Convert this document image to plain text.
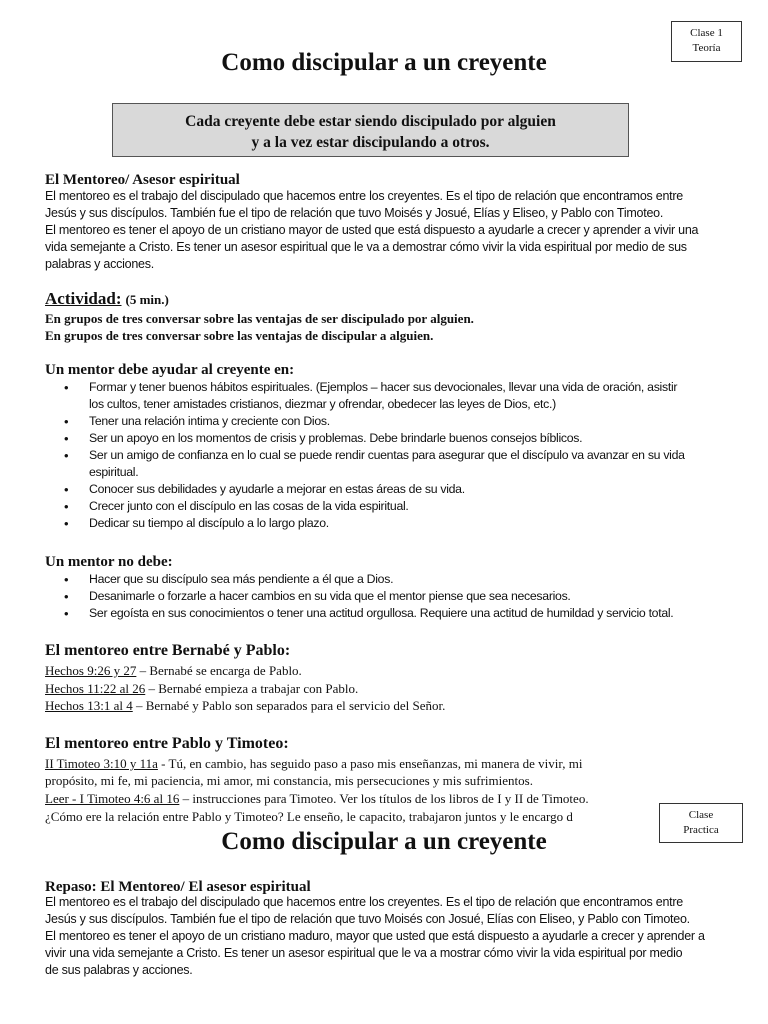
Clase 1
Teoría
Como discipular a un creyente
Cada creyente debe estar siendo discipulado por alguien
y a la vez estar discipulando a otros.
El Mentoreo/ Asesor espiritual
El mentoreo es el trabajo del discipulado que hacemos entre los creyentes. Es el tipo de relación que encontramos entre
Jesús y sus discípulos. También fue el tipo de relación que tuvo Moisés y Josué, Elías y Eliseo, y Pablo con Timoteo.
El mentoreo es tener el apoyo de un cristiano mayor de usted que está dispuesto a ayudarle a crecer y aprender a vivir una
vida semejante a Cristo. Es tener un asesor espiritual que le va a demostrar cómo vivir la vida espiritual por medio de sus
palabras y acciones.
Actividad: (5 min.)
En grupos de tres conversar sobre las ventajas de ser discipulado por alguien.
En grupos de tres conversar sobre las ventajas de discipular a alguien.
Un mentor debe ayudar al creyente en:
• Formar y tener buenos hábitos espirituales. (Ejemplos – hacer sus devocionales, llevar una vida de oración, asistir
los cultos, tener amistades cristianos, diezmar y ofrendar, obedecer las leyes de Dios, etc.)
• Tener una relación intima y creciente con Dios.
• Ser un apoyo en los momentos de crisis y problemas. Debe brindarle buenos consejos bíblicos.
• Ser un amigo de confianza en lo cual se puede rendir cuentas para asegurar que el discípulo va avanzar en su vida
espiritual.
• Conocer sus debilidades y ayudarle a mejorar en estas áreas de su vida.
• Crecer junto con el discípulo en las cosas de la vida espiritual.
• Dedicar su tiempo al discípulo a lo largo plazo.
Un mentor no debe:
• Hacer que su discípulo sea más pendiente a él que a Dios.
• Desanimarle o forzarle a hacer cambios en su vida que el mentor piense que sea necesarios.
• Ser egoísta en sus conocimientos o tener una actitud orgullosa. Requiere una actitud de humildad y servicio total.
El mentoreo entre Bernabé y Pablo:
Hechos 9:26 y 27 – Bernabé se encarga de Pablo.
Hechos 11:22 al 26 – Bernabé empieza a trabajar con Pablo.
Hechos 13:1 al 4 – Bernabé y Pablo son separados para el servicio del Señor.
El mentoreo entre Pablo y Timoteo:
II Timoteo 3:10 y 11a - Tú, en cambio, has seguido paso a paso mis enseñanzas, mi manera de vivir, mi
propósito, mi fe, mi paciencia, mi amor, mi constancia, mis persecuciones y mis sufrimientos.
Leer - I Timoteo 4:6 al 16 – instrucciones para Timoteo. Ver los títulos de los libros de I y II de Timoteo.
¿Cómo ere la relación entre Pablo y Timoteo? Le enseño, le capacito, trabajaron juntos y le encargo d	Clase
Practica
Como discipular a un creyente
Repaso: El Mentoreo/ El asesor espiritual
El mentoreo es el trabajo del discipulado que hacemos entre los creyentes. Es el tipo de relación que encontramos entre
Jesús y sus discípulos. También fue el tipo de relación que tuvo Moisés con Josué, Elías con Eliseo, y Pablo con Timoteo.
El mentoreo es tener el apoyo de un cristiano maduro, mayor que usted que está dispuesto a ayudarle a crecer y aprender a
vivir una vida semejante a Cristo. Es tener un asesor espiritual que le va a mostrar cómo vivir la vida espiritual por medio
de sus palabras y acciones.
